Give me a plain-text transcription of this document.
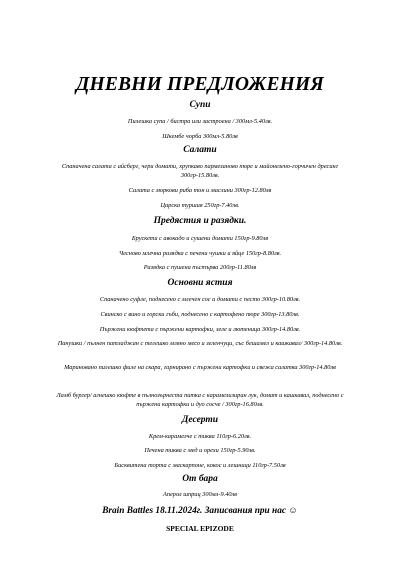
ДНЕВНИ ПРЕДЛОЖЕНИЯ
Супи
Пилешка супа / бистра или застроена / 300мл-5.40лв.
Шкембе чорба 300мл-5.80лв
Салати
Спаначена салата с айсберг, чери домати, хрупкаво пармезаново пюре и майонезено-горчичен дресинг 300гр-15.80лв.
Салата с моркови риба тон и маслини 300гр-12.80лв
Царска туршия 250гр-7.40лв.
Предястия и разядки.
Брускети с авокадо и сушени домати 150гр-9.80лв
Чесново млечна разядка с печени чушки и яйце 150гр-8.80лв.
Разядка с пушена пъстърва 200гр-11.80лв
Основни ястия
Спаначено суфле, поднесено с млечен сос и домати с песто 300гр-10.80лв.
Свинско с вино и горски гъби, поднесено с картофено пюре 300гр-13.80лв.
Пържени кюфтета с пържени картофки, зеле и лютеница 300гр-14.80лв.
Панушки / пълнен патладжан с телешко мляно месо и зеленчуци, със бешамел и кашкавал/ 300гр-14.80лв.
Мариновано пилешко филе на скара, гарнирано с пържени картофки и свежа салатка 300гр-14.80лв
Ламб бургер/ агнешко кюфте в пълнозърнеста питка с карамелизиран лук, домат и кашкавал, поднесено с пържени картофки и дуо сосче / 300гр-16.80лв.
Десерти
Крем-карамелче с тиква 110гр-6.20лв.
Печена тиква с мед и орехи 150гр-5.90лв.
Бисквитена торта с маскарпоне, кокос и лешници 110гр-7.50лв
Brain Battles 18.11.2024г. Записвания при нас ☺
SPECIAL EPIZODE
От бара
Аперол шприц 300мл-9.40лв
